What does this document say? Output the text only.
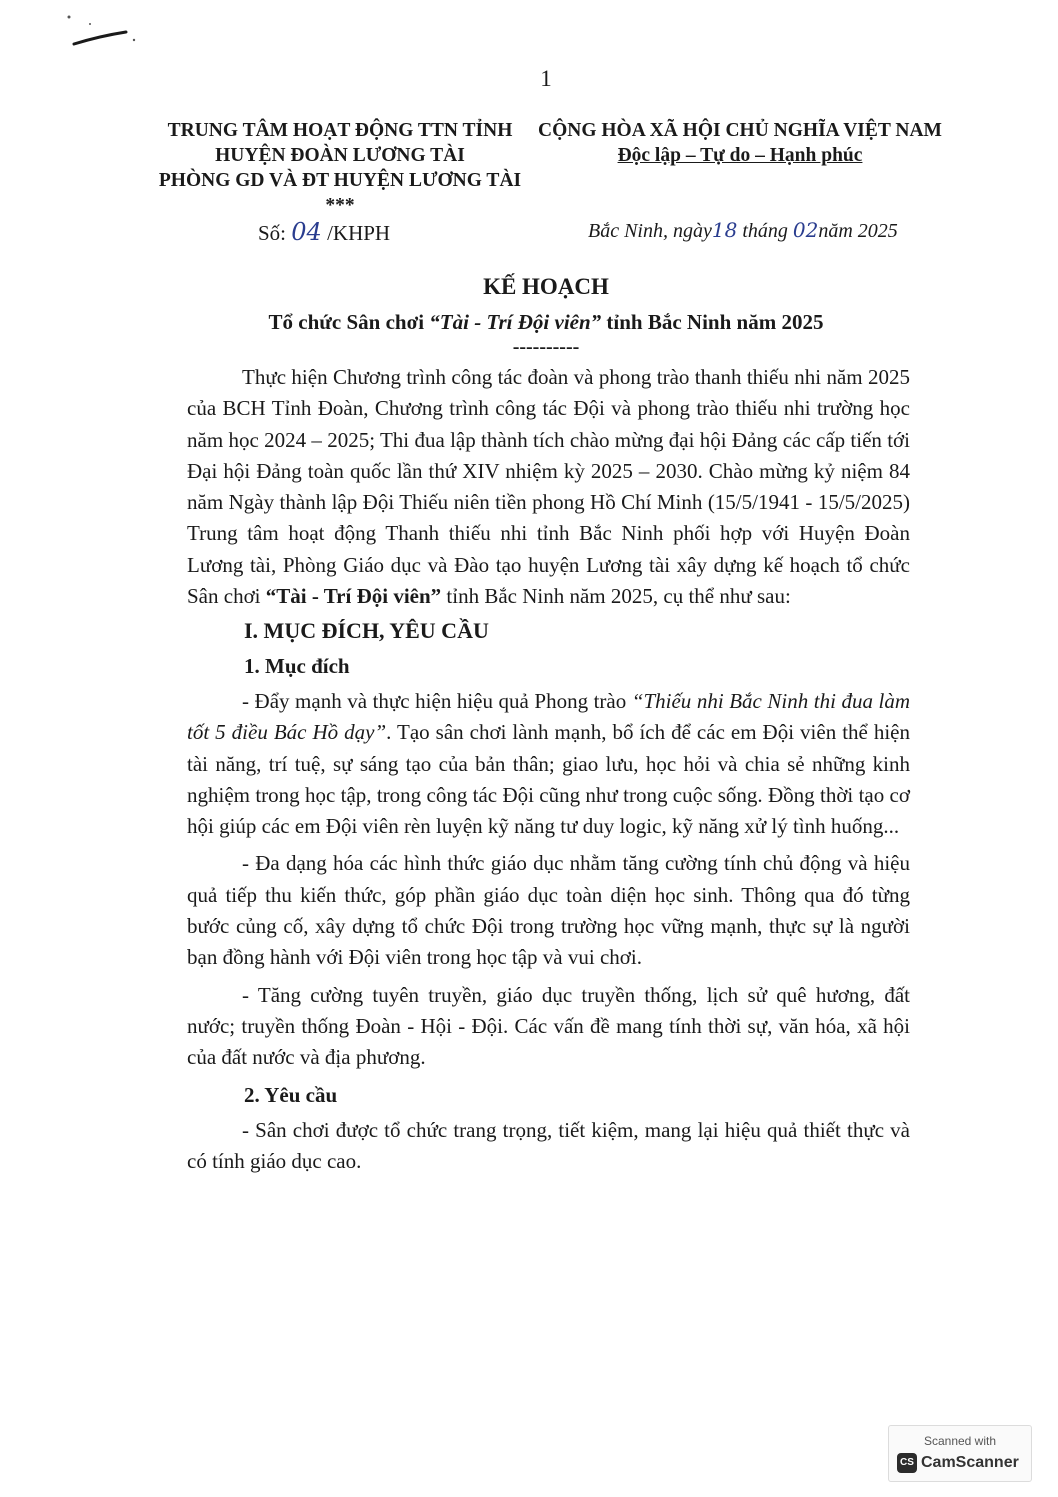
1
TRUNG TÂM HOẠT ĐỘNG TTN TỈNH
HUYỆN ĐOÀN LƯƠNG TÀI
PHÒNG GD VÀ ĐT HUYỆN LƯƠNG TÀI
***
CỘNG HÒA XÃ HỘI CHỦ NGHĨA VIỆT NAM
Độc lập – Tự do – Hạnh phúc
Số: 04 /KHPH	Bắc Ninh, ngày18 tháng 02năm 2025
KẾ HOẠCH
Tổ chức Sân chơi “Tài - Trí Đội viên” tỉnh Bắc Ninh năm 2025
----------

Thực hiện Chương trình công tác đoàn và phong trào thanh thiếu nhi năm 2025 của BCH Tỉnh Đoàn, Chương trình công tác Đội và phong trào thiếu nhi trường học năm học 2024 – 2025; Thi đua lập thành tích chào mừng đại hội Đảng các cấp tiến tới Đại hội Đảng toàn quốc lần thứ XIV nhiệm kỳ 2025 – 2030. Chào mừng kỷ niệm 84 năm Ngày thành lập Đội Thiếu niên tiền phong Hồ Chí Minh (15/5/1941 - 15/5/2025) Trung tâm hoạt động Thanh thiếu nhi tỉnh Bắc Ninh phối hợp với Huyện Đoàn Lương tài, Phòng Giáo dục và Đào tạo huyện Lương tài xây dựng kế hoạch tổ chức Sân chơi “Tài - Trí Đội viên” tỉnh Bắc Ninh năm 2025, cụ thể như sau:

I. MỤC ĐÍCH, YÊU CẦU

1. Mục đích

- Đẩy mạnh và thực hiện hiệu quả Phong trào “Thiếu nhi Bắc Ninh thi đua làm tốt 5 điều Bác Hồ dạy”. Tạo sân chơi lành mạnh, bổ ích để các em Đội viên thể hiện tài năng, trí tuệ, sự sáng tạo của bản thân; giao lưu, học hỏi và chia sẻ những kinh nghiệm trong học tập, trong công tác Đội cũng như trong cuộc sống. Đồng thời tạo cơ hội giúp các em Đội viên rèn luyện kỹ năng tư duy logic, kỹ năng xử lý tình huống...

- Đa dạng hóa các hình thức giáo dục nhằm tăng cường tính chủ động và hiệu quả tiếp thu kiến thức, góp phần giáo dục toàn diện học sinh. Thông qua đó từng bước củng cố, xây dựng tổ chức Đội trong trường học vững mạnh, thực sự là người bạn đồng hành với Đội viên trong học tập và vui chơi.

- Tăng cường tuyên truyền, giáo dục truyền thống, lịch sử quê hương, đất nước; truyền thống Đoàn - Hội - Đội. Các vấn đề mang tính thời sự, văn hóa, xã hội của đất nước và địa phương.

2. Yêu cầu

- Sân chơi được tổ chức trang trọng, tiết kiệm, mang lại hiệu quả thiết thực và có tính giáo dục cao.

Scanned with
CS CamScanner
